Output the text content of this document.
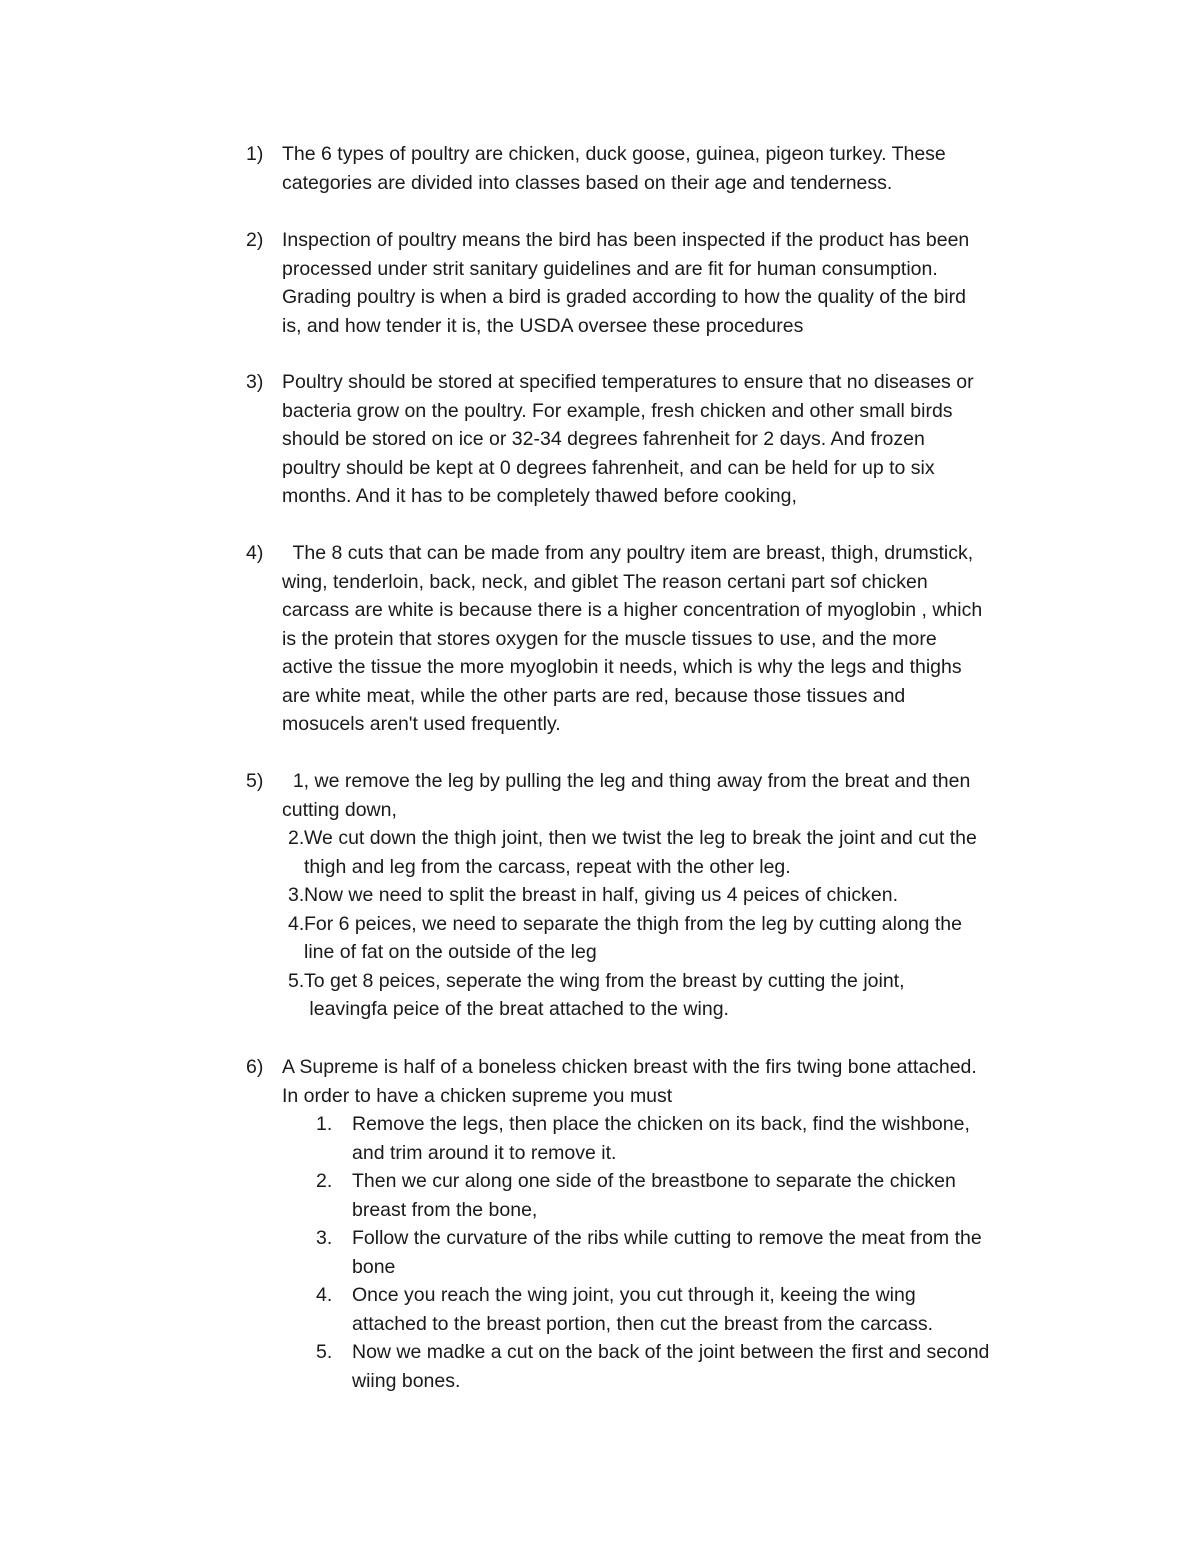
1) The 6 types of poultry are chicken, duck goose, guinea, pigeon turkey. These
categories are divided into classes based on their age and tenderness.
2) Inspection of poultry means the bird has been inspected if the product has been
processed under strit sanitary guidelines and are fit for human consumption.
Grading poultry is when a bird is graded according to how the quality of the bird
is, and how tender it is, the USDA oversee these procedures
3) Poultry should be stored at specified temperatures to ensure that no diseases or
bacteria grow on the poultry. For example, fresh chicken and other small birds
should be stored on ice or 32-34 degrees fahrenheit for 2 days. And frozen
poultry should be kept at 0 degrees fahrenheit, and can be held for up to six
months. And it has to be completely thawed before cooking,
4) The 8 cuts that can be made from any poultry item are breast, thigh, drumstick,
wing, tenderloin, back, neck, and giblet The reason certani part sof chicken
carcass are white is because there is a higher concentration of myoglobin , which
is the protein that stores oxygen for the muscle tissues to use, and the more
active the tissue the more myoglobin it needs, which is why the legs and thighs
are white meat, while the other parts are red, because those tissues and
mosucels aren't used frequently.
5) 1, we remove the leg by pulling the leg and thing away from the breat and then
cutting down,
2. We cut down the thigh joint, then we twist the leg to break the joint and cut the
thigh and leg from the carcass, repeat with the other leg.
3. Now we need to split the breast in half, giving us 4 peices of chicken.
4. For 6 peices, we need to separate the thigh from the leg by cutting along the
line of fat on the outside of the leg
5. To get 8 peices, seperate the wing from the breast by cutting the joint,
leavingfa peice of the breat attached to the wing.
6) A Supreme is half of a boneless chicken breast with the firs twing bone attached.
In order to have a chicken supreme you must
1. Remove the legs, then place the chicken on its back, find the wishbone,
and trim around it to remove it.
2. Then we cur along one side of the breastbone to separate the chicken
breast from the bone,
3. Follow the curvature of the ribs while cutting to remove the meat from the
bone
4. Once you reach the wing joint, you cut through it, keeing the wing
attached to the breast portion, then cut the breast from the carcass.
5. Now we madke a cut on the back of the joint between the first and second
wiing bones.
